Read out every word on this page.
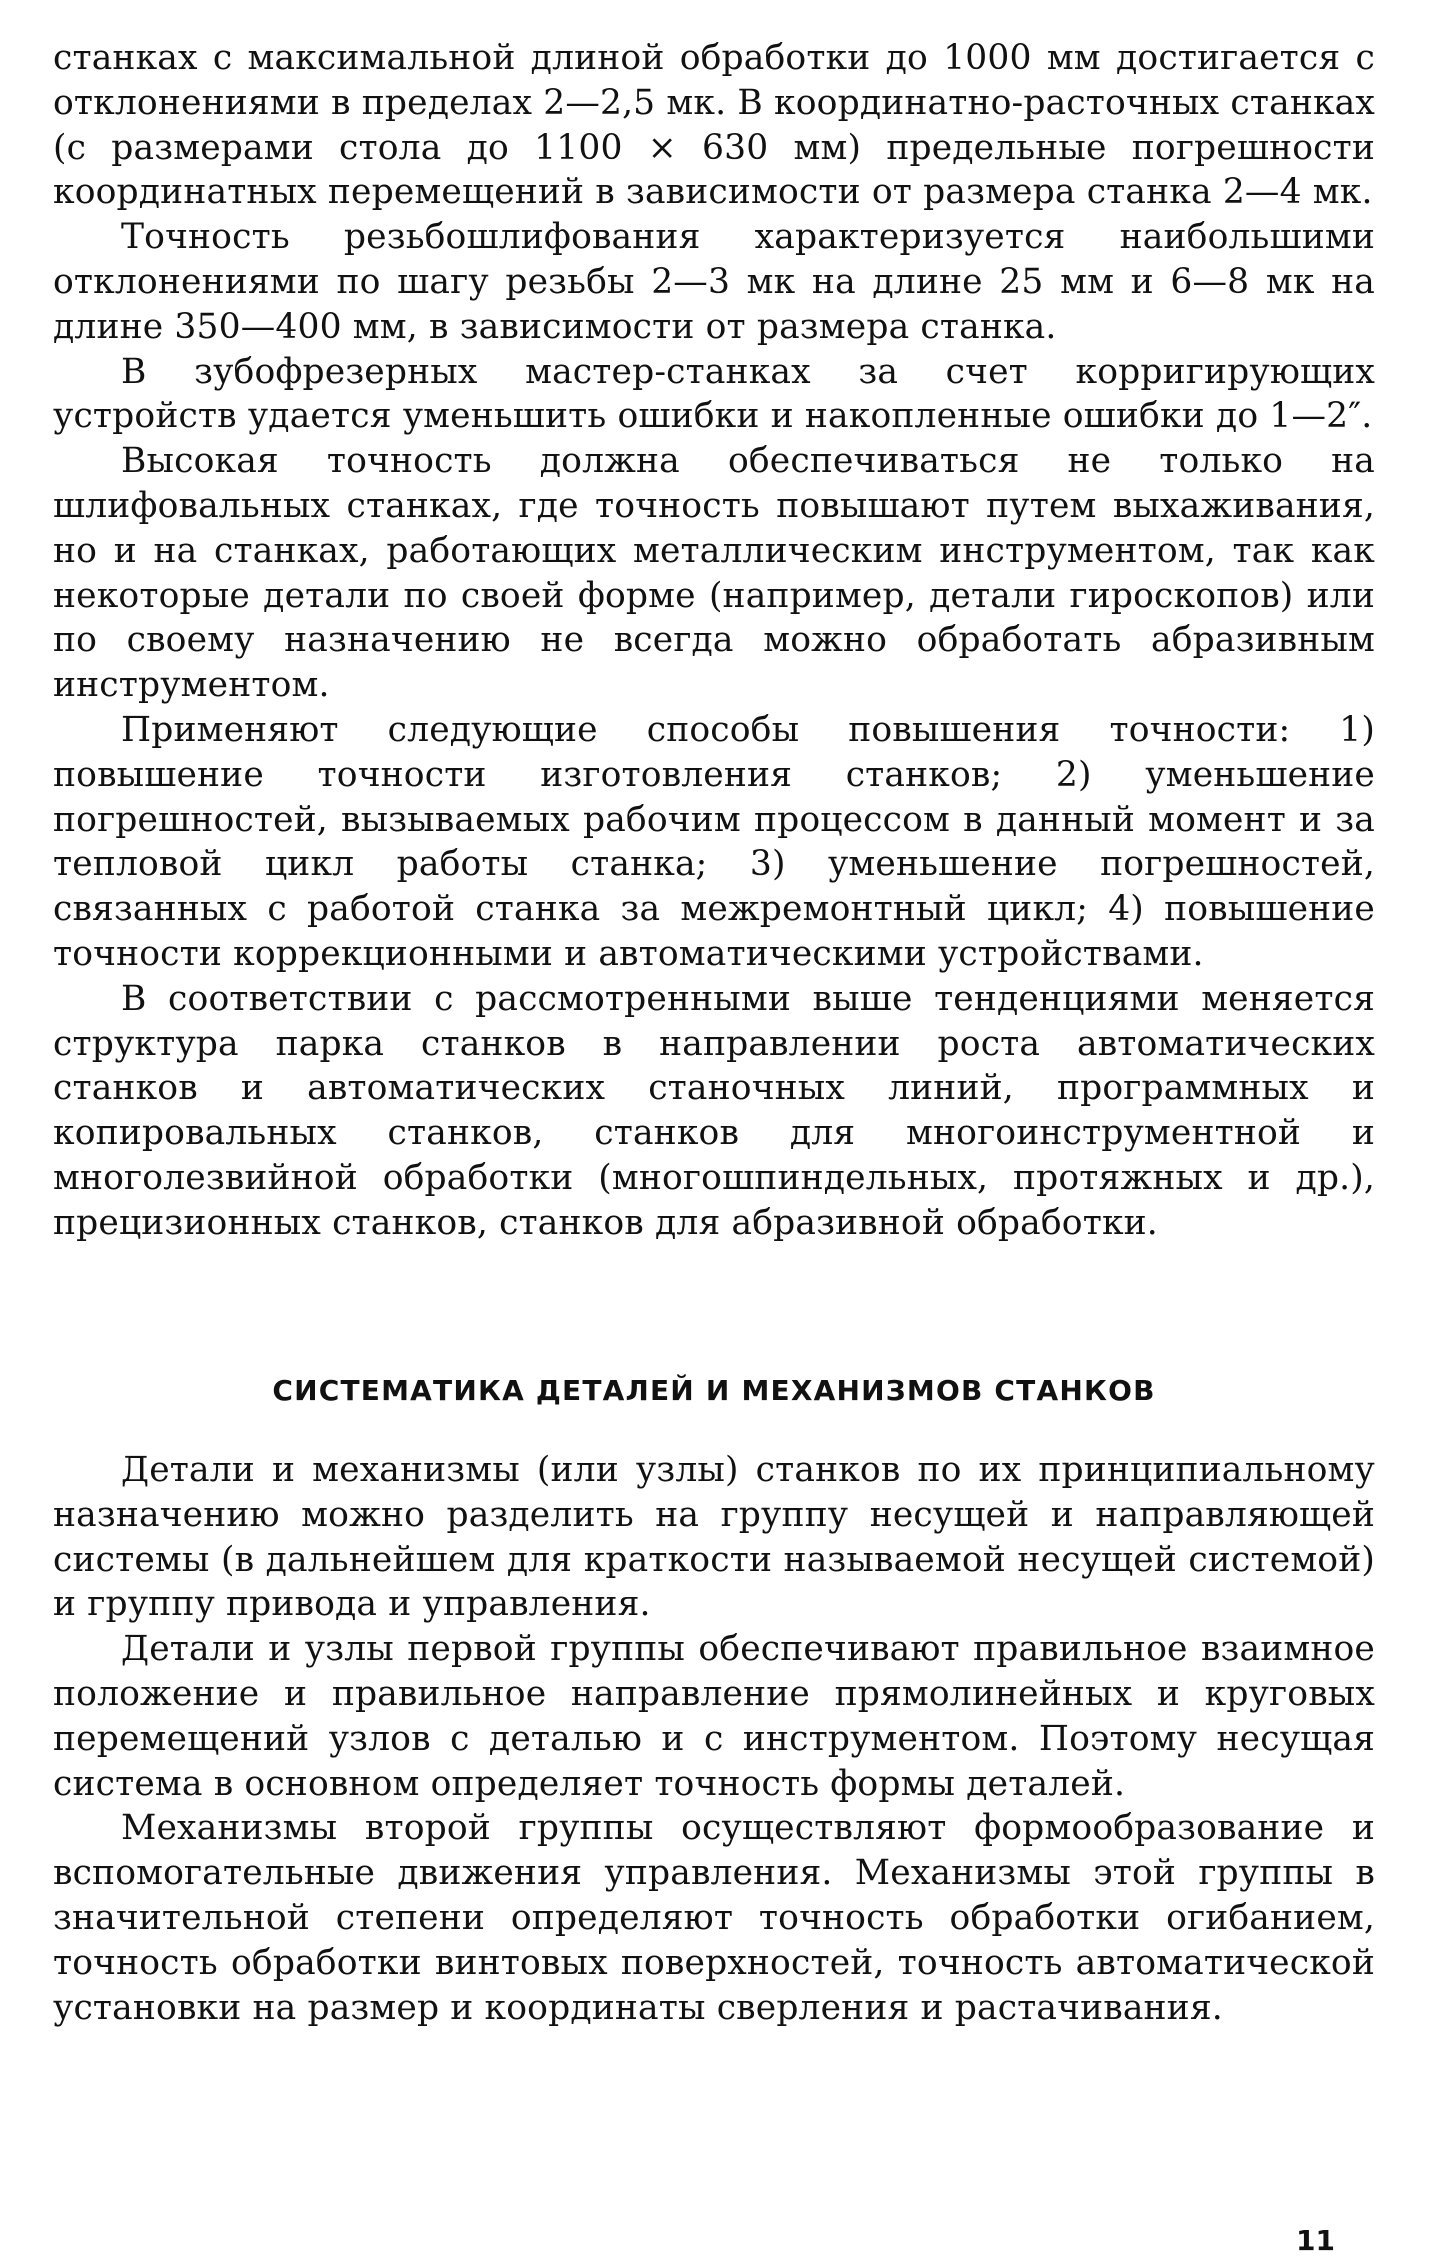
станках с максимальной длиной обработки до 1000 мм достигается с отклонениями в пределах 2—2,5 мк. В координатно-расточных станках (с размерами стола до 1100 × 630 мм) предельные погрешности координатных перемещений в зависимости от размера станка 2—4 мк.

Точность резьбошлифования характеризуется наибольшими отклонениями по шагу резьбы 2—3 мк на длине 25 мм и 6—8 мк на длине 350—400 мм, в зависимости от размера станка.

В зубофрезерных мастер-станках за счет корригирующих устройств удается уменьшить ошибки и накопленные ошибки до 1—2″.

Высокая точность должна обеспечиваться не только на шлифовальных станках, где точность повышают путем выхаживания, но и на станках, работающих металлическим инструментом, так как некоторые детали по своей форме (например, детали гироскопов) или по своему назначению не всегда можно обработать абразивным инструментом.

Применяют следующие способы повышения точности: 1) повышение точности изготовления станков; 2) уменьшение погрешностей, вызываемых рабочим процессом в данный момент и за тепловой цикл работы станка; 3) уменьшение погрешностей, связанных с работой станка за межремонтный цикл; 4) повышение точности коррекционными и автоматическими устройствами.

В соответствии с рассмотренными выше тенденциями меняется структура парка станков в направлении роста автоматических станков и автоматических станочных линий, программных и копировальных станков, станков для многоинструментной и многолезвийной обработки (многошпиндельных, протяжных и др.), прецизионных станков, станков для абразивной обработки.

СИСТЕМАТИКА ДЕТАЛЕЙ И МЕХАНИЗМОВ СТАНКОВ

Детали и механизмы (или узлы) станков по их принципиальному назначению можно разделить на группу несущей и направляющей системы (в дальнейшем для краткости называемой несущей системой) и группу привода и управления.

Детали и узлы первой группы обеспечивают правильное взаимное положение и правильное направление прямолинейных и круговых перемещений узлов с деталью и с инструментом. Поэтому несущая система в основном определяет точность формы деталей.

Механизмы второй группы осуществляют формообразование и вспомогательные движения управления. Механизмы этой группы в значительной степени определяют точность обработки огибанием, точность обработки винтовых поверхностей, точность автоматической установки на размер и координаты сверления и растачивания.

11
